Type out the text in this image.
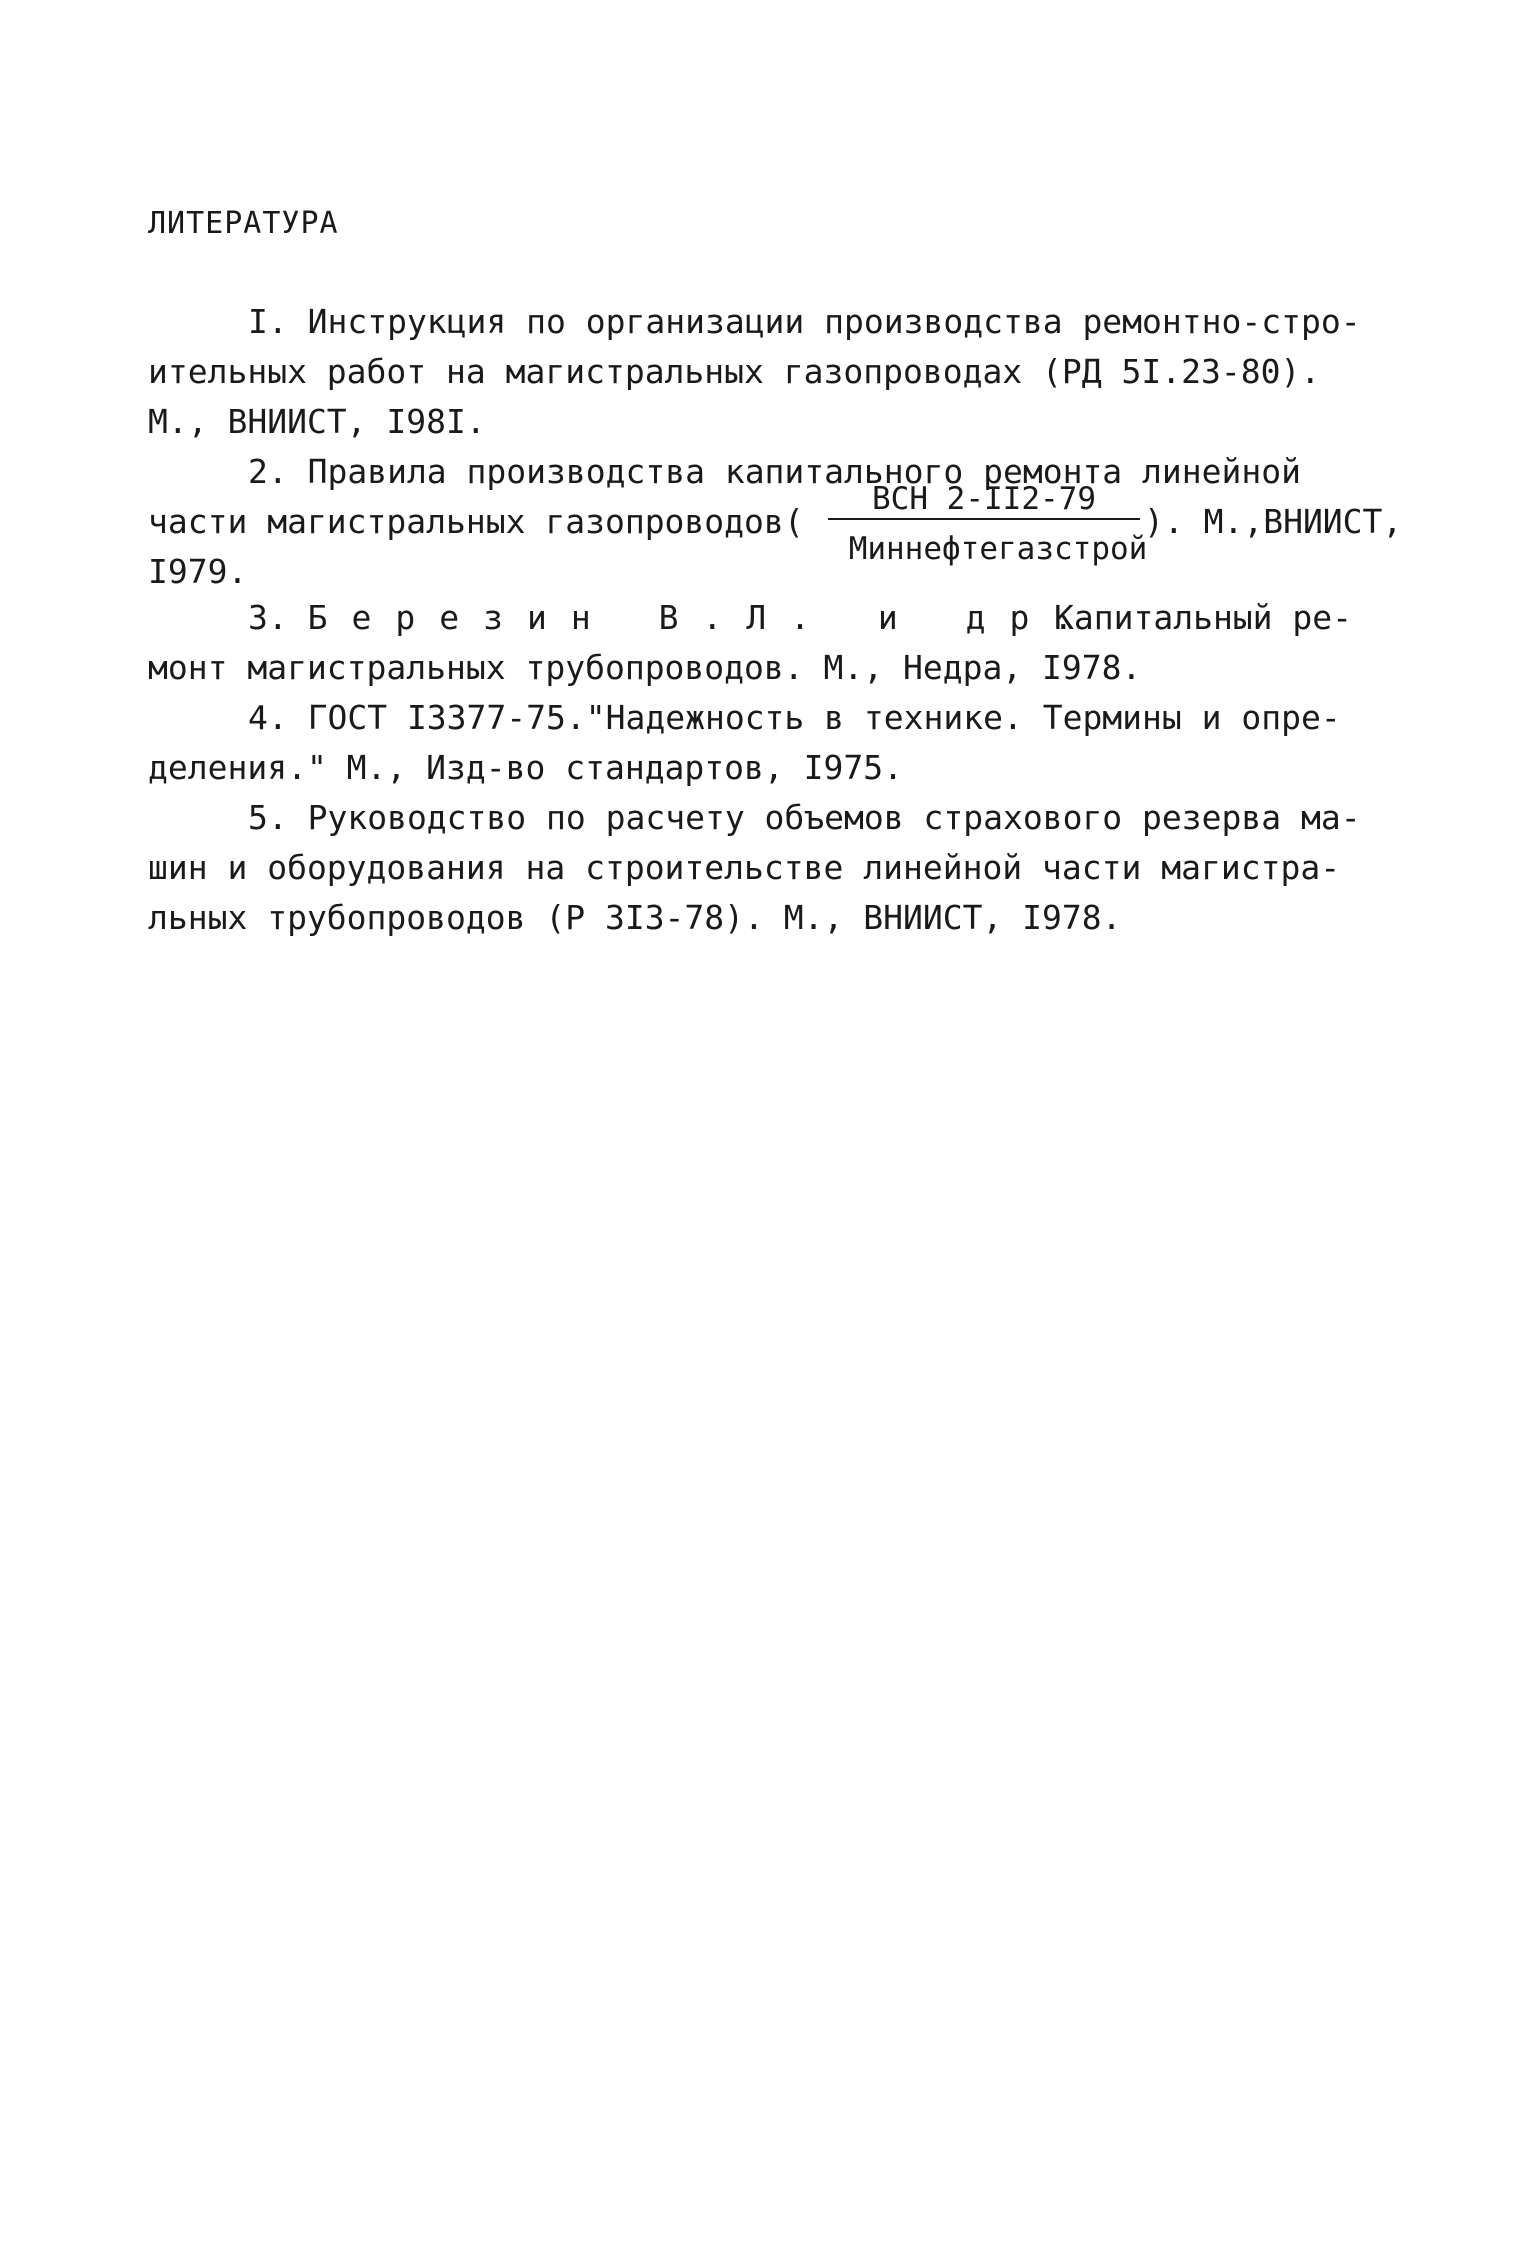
ЛИТЕРАТУРА

I. Инструкция по организации производства ремонтно-стро-

ительных работ на магистральных газопроводах (РД 5I.23-80).

М., ВНИИСТ, I98I.

2. Правила производства капитального ремонта линейной

части магистральных газопроводов (
ВСН 2-II2-79
Миннефтегазстрой
). М.,ВНИИСТ,

I979.

3. Березин В.Л. и др.

Капитальный ре-

монт магистральных трубопроводов. М., Недра, I978.

4. ГОСТ I3377-75."Надежность в технике. Термины и опре-

деления." М., Изд-во стандартов, I975.

5. Руководство по расчету объемов страхового резерва ма-

шин и оборудования на строительстве линейной части магистра-

льных трубопроводов (Р 3I3-78). М., ВНИИСТ, I978.
